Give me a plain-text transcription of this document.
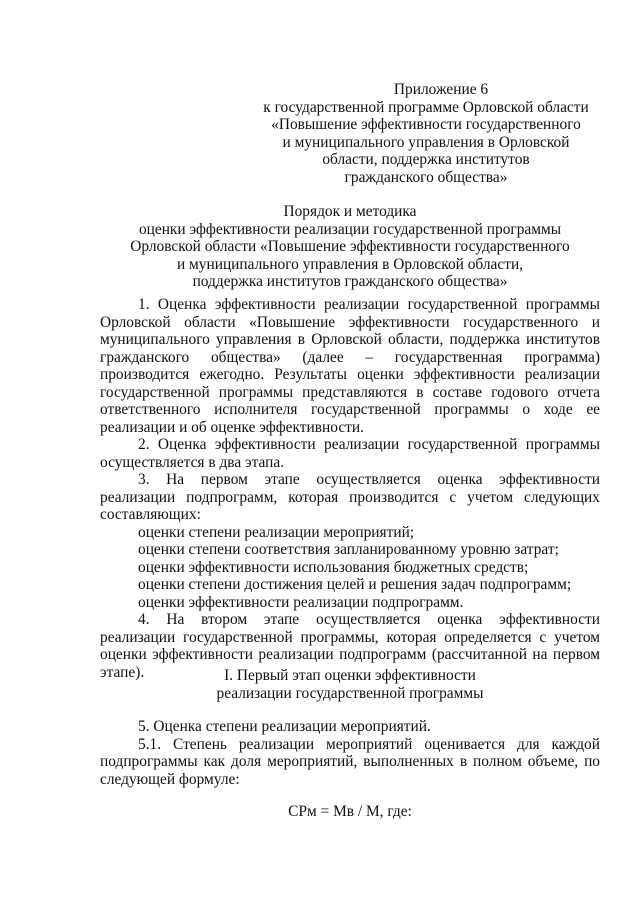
Приложение 6
к государственной программе Орловской области
«Повышение эффективности государственного
и муниципального управления в Орловской
области, поддержка институтов
гражданского общества»
Порядок и методика
оценки эффективности реализации государственной программы
Орловской области «Повышение эффективности государственного
и муниципального управления в Орловской области,
поддержка институтов гражданского общества»

1. Оценка эффективности реализации государственной программы Орловской области «Повышение эффективности государственного и муниципального управления в Орловской области, поддержка институтов гражданского общества» (далее – государственная программа) производится ежегодно. Результаты оценки эффективности реализации государственной программы представляются в составе годового отчета ответственного исполнителя государственной программы о ходе ее реализации и об оценке эффективности.

2. Оценка эффективности реализации государственной программы осуществляется в два этапа.

3. На первом этапе осуществляется оценка эффективности реализации подпрограмм, которая производится с учетом следующих составляющих:

оценки степени реализации мероприятий;
оценки степени соответствия запланированному уровню затрат;
оценки эффективности использования бюджетных средств;
оценки степени достижения целей и решения задач подпрограмм;
оценки эффективности реализации подпрограмм.

4. На втором этапе осуществляется оценка эффективности реализации государственной программы, которая определяется с учетом оценки эффективности реализации подпрограмм (рассчитанной на первом этапе).	I. Первый этап оценки эффективности
реализации государственной программы

5. Оценка степени реализации мероприятий.

5.1. Степень реализации мероприятий оценивается для каждой подпрограммы как доля мероприятий, выполненных в полном объеме, по следующей формуле:

СРм = Мв / М, где:
